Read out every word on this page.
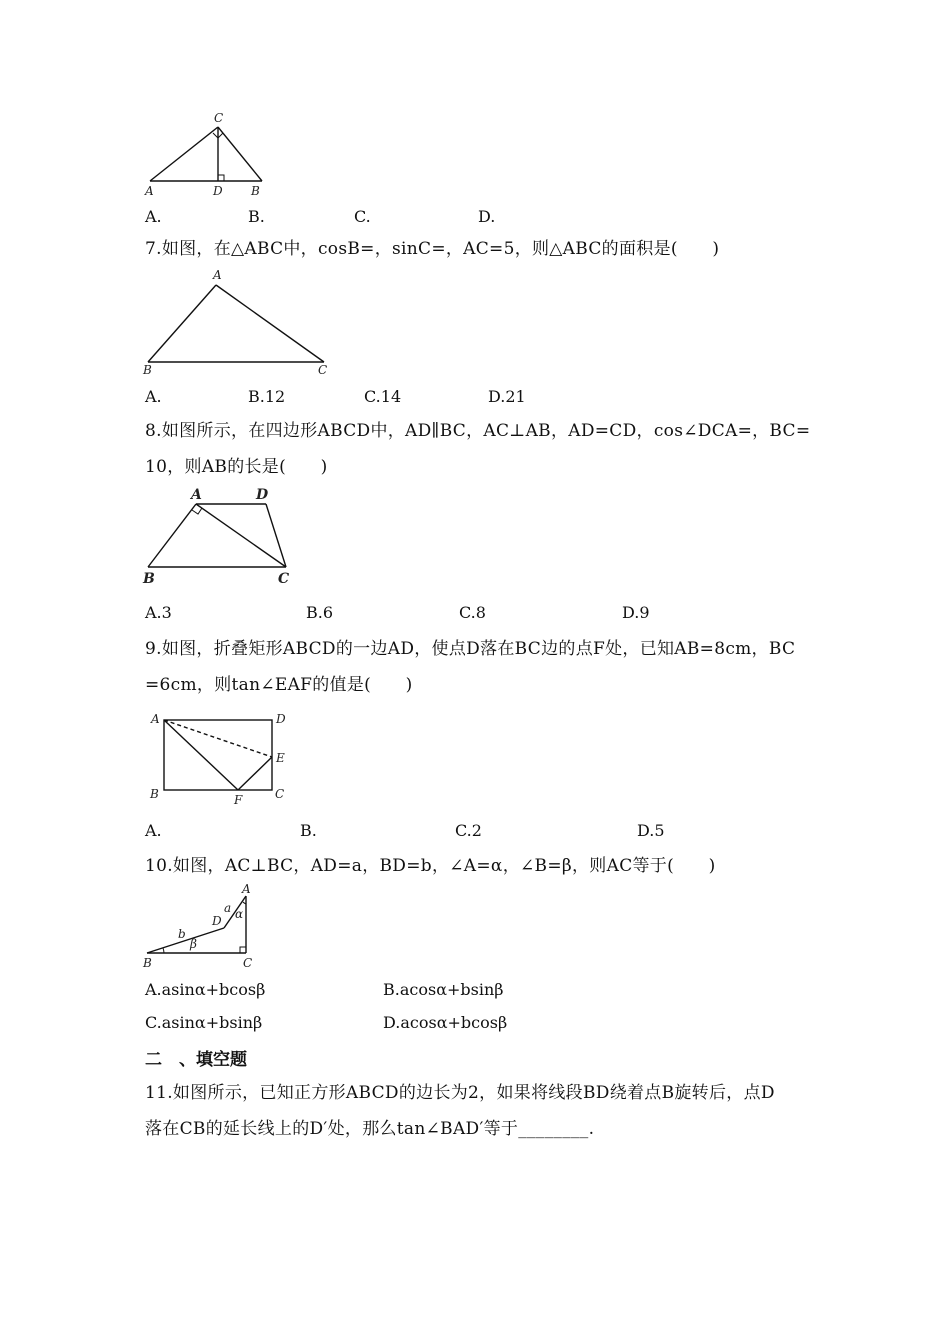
C
A	D B
A.	B.	C.	D.
7.如图，在△ABC中，cosB=，sinC=，AC=5，则△ABC的面积是(　　)
A
B	C
A.	B.12	C.14	D.21
8.如图所示，在四边形ABCD中，AD∥BC，AC⊥AB，AD=CD，cos∠DCA=，BC=
10，则AB的长是(　　)
A	D
B	C
A.3	B.6	C.8	D.9
9.如图，折叠矩形ABCD的一边AD，使点D落在BC边的点F处，已知AB=8cm，BC
=6cm，则tan∠EAF的值是(　　)
A	D
E
B	F	C
A.	B.	C.2	D.5
10.如图，AC⊥BC，AD=a，BD=b，∠A=α，∠B=β，则AC等于(　　)
A
a α
D
b
β
B	C
A.asinα+bcosβ	B.acosα+bsinβ
C.asinα+bsinβ	D.acosα+bcosβ
二　、填空题
11.如图所示，已知正方形ABCD的边长为2，如果将线段BD绕着点B旋转后，点D
落在CB的延长线上的D′处，那么tan∠BAD′等于________.
